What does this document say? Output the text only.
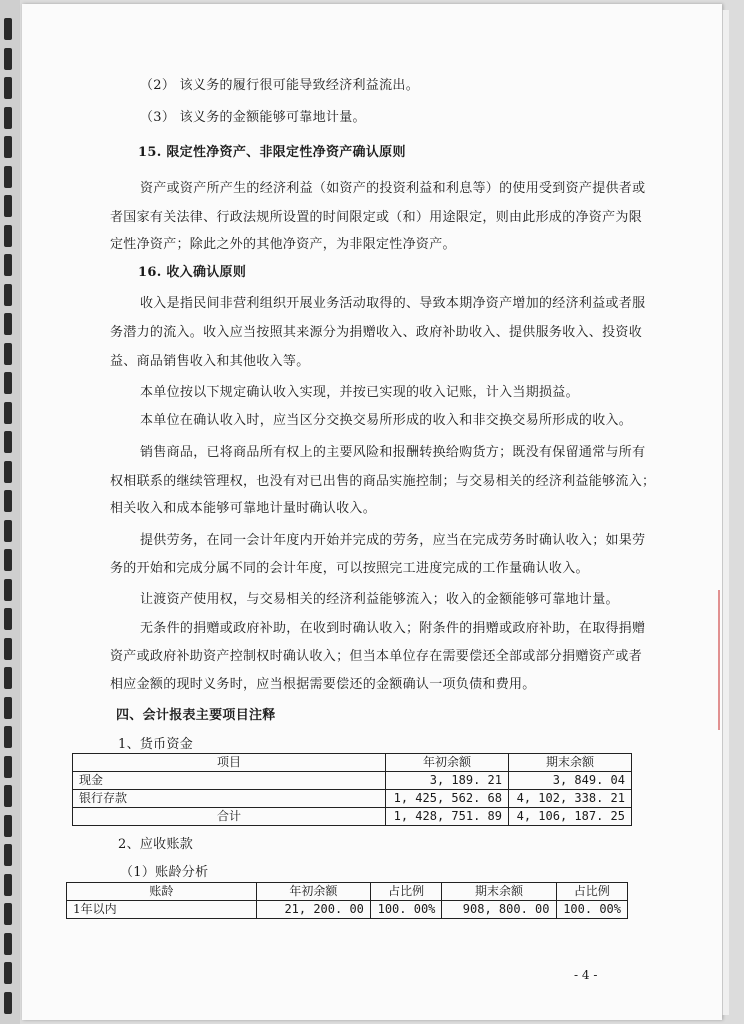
（2） 该义务的履行很可能导致经济利益流出。
（3） 该义务的金额能够可靠地计量。
15. 限定性净资产、非限定性净资产确认原则
资产或资产所产生的经济利益（如资产的投资利益和利息等）的使用受到资产提供者或
者国家有关法律、行政法规所设置的时间限定或（和）用途限定，则由此形成的净资产为限
定性净资产；除此之外的其他净资产，为非限定性净资产。
16. 收入确认原则
收入是指民间非营利组织开展业务活动取得的、导致本期净资产增加的经济利益或者服
务潜力的流入。收入应当按照其来源分为捐赠收入、政府补助收入、提供服务收入、投资收
益、商品销售收入和其他收入等。
本单位按以下规定确认收入实现，并按已实现的收入记账，计入当期损益。
本单位在确认收入时，应当区分交换交易所形成的收入和非交换交易所形成的收入。
销售商品，已将商品所有权上的主要风险和报酬转换给购货方；既没有保留通常与所有
权相联系的继续管理权，也没有对已出售的商品实施控制；与交易相关的经济利益能够流入；
相关收入和成本能够可靠地计量时确认收入。
提供劳务，在同一会计年度内开始并完成的劳务，应当在完成劳务时确认收入；如果劳
务的开始和完成分属不同的会计年度，可以按照完工进度完成的工作量确认收入。
让渡资产使用权，与交易相关的经济利益能够流入；收入的金额能够可靠地计量。
无条件的捐赠或政府补助，在收到时确认收入；附条件的捐赠或政府补助，在取得捐赠
资产或政府补助资产控制权时确认收入；但当本单位存在需要偿还全部或部分捐赠资产或者
相应金额的现时义务时，应当根据需要偿还的金额确认一项负债和费用。
四、会计报表主要项目注释
1、货币资金
项目	年初余额	期末余额
现金	3, 189. 21	3, 849. 04
银行存款	1, 425, 562. 68	4, 102, 338. 21
合计	1, 428, 751. 89	4, 106, 187. 25
2、应收账款
（1）账龄分析
账龄	年初余额	占比例	期末余额	占比例
1年以内	21, 200. 00	100. 00%	908, 800. 00	100. 00%
- 4 -
